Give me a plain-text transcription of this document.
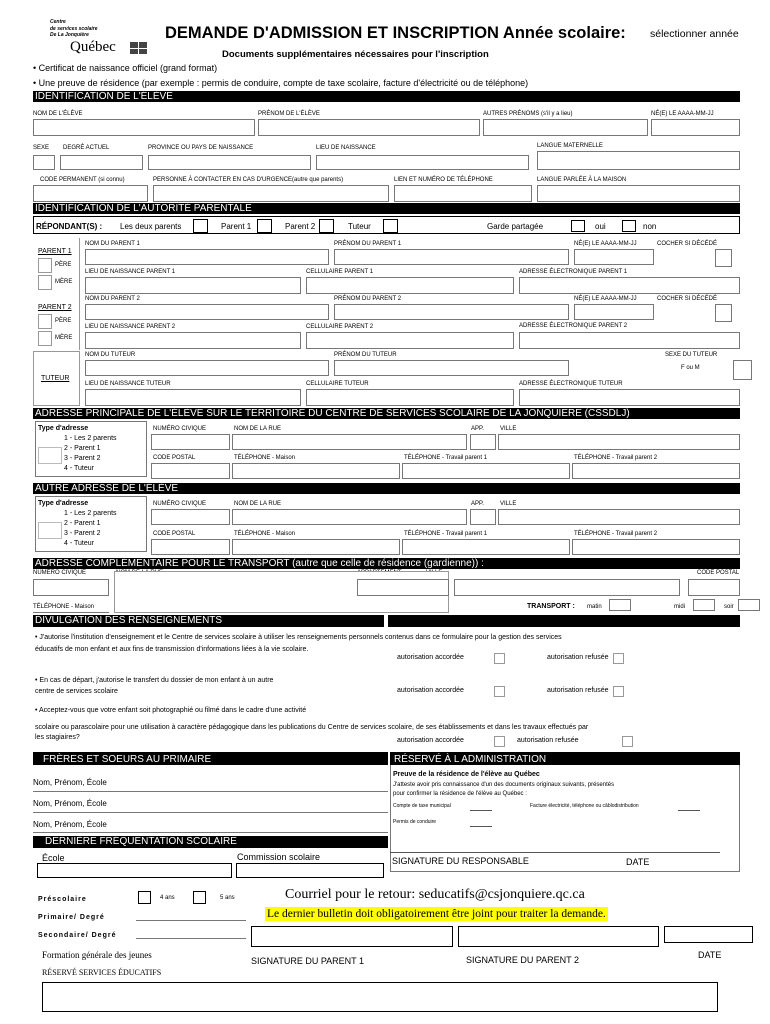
Centre
de services scolaire
De La Jonquière
Québec
DEMANDE D'ADMISSION ET INSCRIPTION Année scolaire: sélectionner année
Documents supplémentaires nécessaires pour l'inscription
• Certificat de naissance officiel (grand format)
• Une preuve de résidence (par exemple : permis de conduire, compte de taxe scolaire, facture d'électricité ou de téléphone)
IDENTIFICATION DE L'ÉLÈVE
NOM DE L'ÉLÈVE	PRÉNOM DE L'ÉLÈVE	AUTRES PRÉNOMS (s'il y a lieu)	NÉ(E) LE AAAA-MM-JJ
SEXE DEGRÉ ACTUEL	PROVINCE OU PAYS DE NAISSANCE	LIEU DE NAISSANCE	LANGUE MATERNELLE
CODE PERMANENT (si connu)	PERSONNE À CONTACTER EN CAS D'URGENCE(autre que parents)	LIEN ET NUMÉRO DE TÉLÉPHONE	LANGUE PARLÉE À LA MAISON
IDENTIFICATION DE L'AUTORITÉ PARENTALE
RÉPONDANT(S) : Les deux parents	Parent 1	Parent 2	Tuteur	Garde partagée	oui	non
PARENT 1
PÈRE
MÈRE
NOM DU PARENT 1	PRÉNOM DU PARENT 1	NÉ(E) LE AAAA-MM-JJ	COCHER SI DÉCÉDÉ
LIEU DE NAISSANCE PARENT 1	CELLULAIRE PARENT 1	ADRESSE ÉLECTRONIQUE PARENT 1
PARENT 2
PÈRE
MÈRE
NOM DU PARENT 2	PRÉNOM DU PARENT 2	NÉ(E) LE AAAA-MM-JJ	COCHER SI DÉCÉDÉ
LIEU DE NAISSANCE PARENT 2	CELLULAIRE PARENT 2	ADRESSE ÉLECTRONIQUE PARENT 2
TUTEUR
NOM DU TUTEUR	PRÉNOM DU TUTEUR	SEXE DU TUTEUR
F ou M
LIEU DE NAISSANCE TUTEUR	CELLULAIRE TUTEUR	ADRESSE ÉLECTRONIQUE TUTEUR
ADRESSE PRINCIPALE DE L'ÉLÈVE SUR LE TERRITOIRE DU CENTRE DE SERVICES SCOLAIRE DE LA JONQUIERE (CSSDLJ)
Type d'adresse
1 - Les 2 parents
2 - Parent 1
3 - Parent 2
4 - Tuteur
NUMÉRO CIVIQUE	NOM DE LA RUE	APP.	VILLE
CODE POSTAL	TÉLÉPHONE - Maison	TÉLÉPHONE - Travail parent 1	TÉLÉPHONE - Travail parent 2
AUTRE ADRESSE DE L'ÉLÈVE
Type d'adresse
1 - Les 2 parents
2 - Parent 1
3 - Parent 2
4 - Tuteur
NUMÉRO CIVIQUE	NOM DE LA RUE	APP.	VILLE
CODE POSTAL	TÉLÉPHONE - Maison	TÉLÉPHONE - Travail parent 1	TÉLÉPHONE - Travail parent 2
ADRESSE COMPLÉMENTAIRE POUR LE TRANSPORT (autre que celle de résidence (gardienne)) :
NUMÉRO CIVIQUE	CODE POSTAL
TÉLÉPHONE - Maison	TRANSPORT : matin	midi	soir
DIVULGATION DES RENSEIGNEMENTS
• J'autorise l'institution d'enseignement et le Centre de services scolaire à utiliser les renseignements personnels contenus dans ce formulaire pour la gestion des services
éducatifs de mon enfant et aux fins de transmission d'informations liées à la vie scolaire.
autorisation accordée	autorisation refusée
• En cas de départ, j'autorise le transfert du dossier de mon enfant à un autre
centre de services scolaire	autorisation accordée	autorisation refusée
• Acceptez-vous que votre enfant soit photographié ou filmé dans le cadre d'une activité
scolaire ou parascolaire pour une utilisation à caractère pédagogique dans les publications du Centre de services scolaire, de ses établissements et dans les travaux effectués par
les stagiaires?	autorisation accordée	autorisation refusée
FRÈRES ET SOEURS AU PRIMAIRE
Nom, Prénom, École
Nom, Prénom, École
Nom, Prénom, École
RÉSERVÉ À L ADMINISTRATION
Preuve de la résidence de l'élève au Québec
J'atteste avoir pris connaissance d'un des documents originaux suivants, présentés
pour confirmer la résidence de l'élève au Québec :
Compte de taxe municipal	Facture électricité, téléphone ou câblodistribution
Permis de conduire
SIGNATURE DU RESPONSABLE	DATE
DERNIÈRE FRÉQUENTATION SCOLAIRE
École	Commission scolaire
Préscolaire	4 ans	5 ans	Courriel pour le retour: seducatifs@csjonquiere.qc.ca
Primaire/ Degré	Le dernier bulletin doit obligatoirement être joint pour traiter la demande.
Secondaire/ Degré
Formation générale des jeunes
SIGNATURE DU PARENT 1	SIGNATURE DU PARENT 2	DATE
RÉSERVÉ SERVICES ÉDUCATIFS
